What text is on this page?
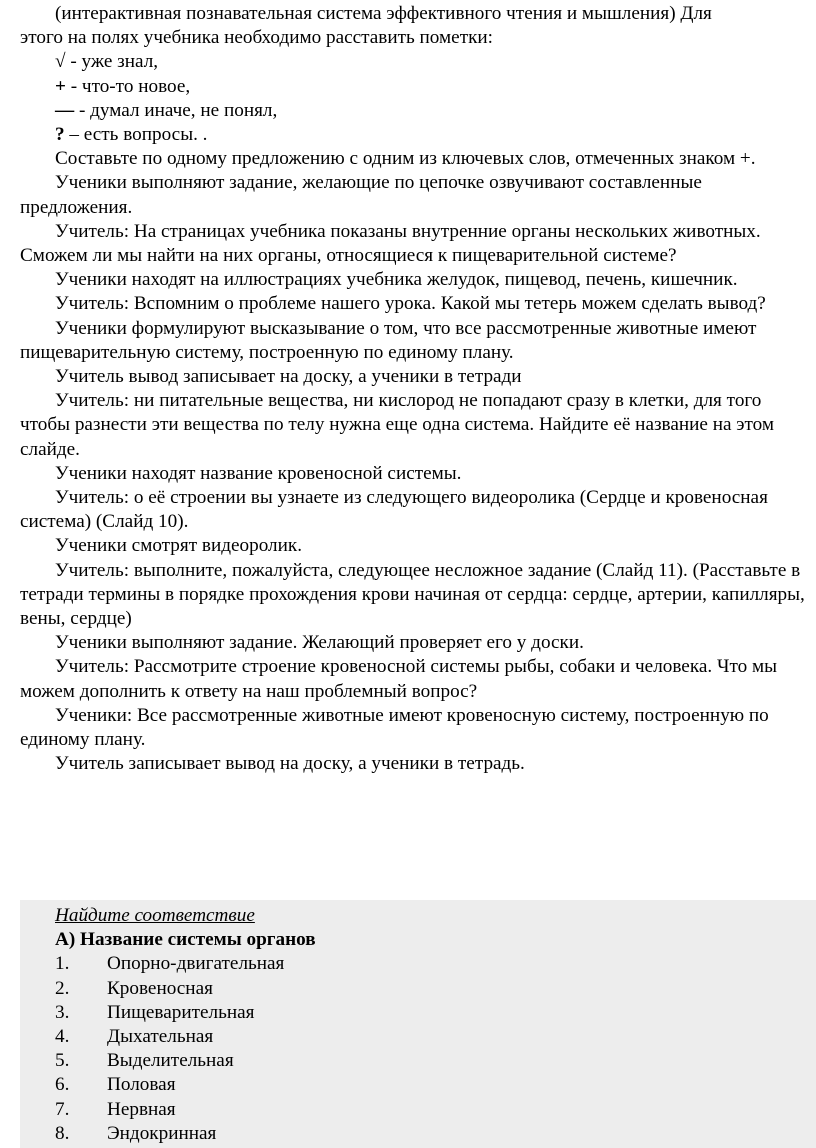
(интерактивная познавательная система эффективного чтения и мышления) Для

этого на полях учебника необходимо расставить пометки:

√ - уже знал,

+ - что-то новое,

— - думал иначе, не понял,

? – есть вопросы. .

Составьте по одному предложению с одним из ключевых слов, отмеченных знаком +.

Ученики выполняют задание, желающие по цепочке озвучивают составленные предложения.

Учитель: На страницах учебника показаны внутренние органы нескольких животных. Сможем ли мы найти на них органы, относящиеся к пищеварительной системе?

Ученики находят на иллюстрациях учебника желудок, пищевод, печень, кишечник.

Учитель: Вспомним о проблеме нашего урока. Какой мы тетерь можем сделать вывод?

Ученики формулируют высказывание о том, что все рассмотренные животные имеют пищеварительную систему, построенную по единому плану.

Учитель вывод записывает на доску, а ученики в тетради

Учитель: ни питательные вещества, ни кислород не попадают сразу в клетки, для того чтобы разнести эти вещества по телу нужна еще одна система. Найдите её название на этом слайде.

Ученики находят название кровеносной системы.

Учитель: о её строении вы узнаете из следующего видеоролика (Сердце и кровеносная система) (Слайд 10).

Ученики смотрят видеоролик.

Учитель: выполните, пожалуйста, следующее несложное задание (Слайд 11). (Расставьте в тетради термины в порядке прохождения крови начиная от сердца: сердце, артерии, капилляры, вены, сердце)

Ученики выполняют задание. Желающий проверяет его у доски.

Учитель: Рассмотрите строение кровеносной системы рыбы, собаки и человека. Что мы можем дополнить к ответу на наш проблемный вопрос?

Ученики: Все рассмотренные животные имеют кровеносную систему, построенную по единому плану.

Учитель записывает вывод на доску, а ученики в тетрадь.

Найдите соответствие
А) Название системы органов
1.	Опорно-двигательная
2.	Кровеносная
3.	Пищеварительная
4.	Дыхательная
5.	Выделительная
6.	Половая
7.	Нервная
8.	Эндокринная
